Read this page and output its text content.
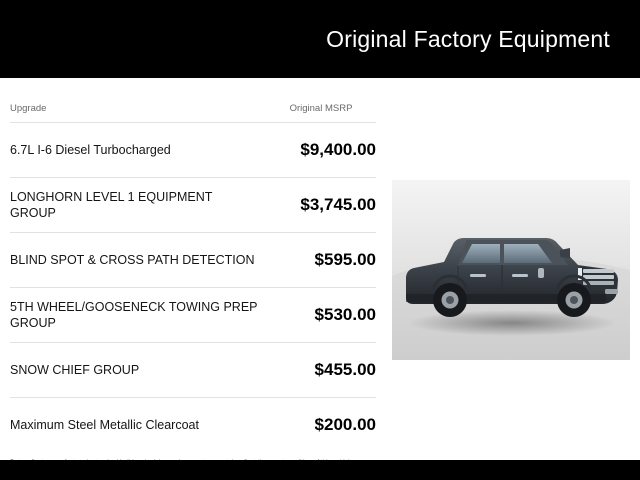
Original Factory Equipment
Upgrade	Original MSRP
6.7L I-6 Diesel Turbocharged	$9,400.00
LONGHORN LEVEL 1 EQUIPMENT GROUP	$3,745.00
BLIND SPOT & CROSS PATH DETECTION	$595.00
5TH WHEEL/GOOSENECK TOWING PREP GROUP	$530.00
SNOW CHIEF GROUP	$455.00
Maximum Steel Metallic Clearcoat	$200.00
